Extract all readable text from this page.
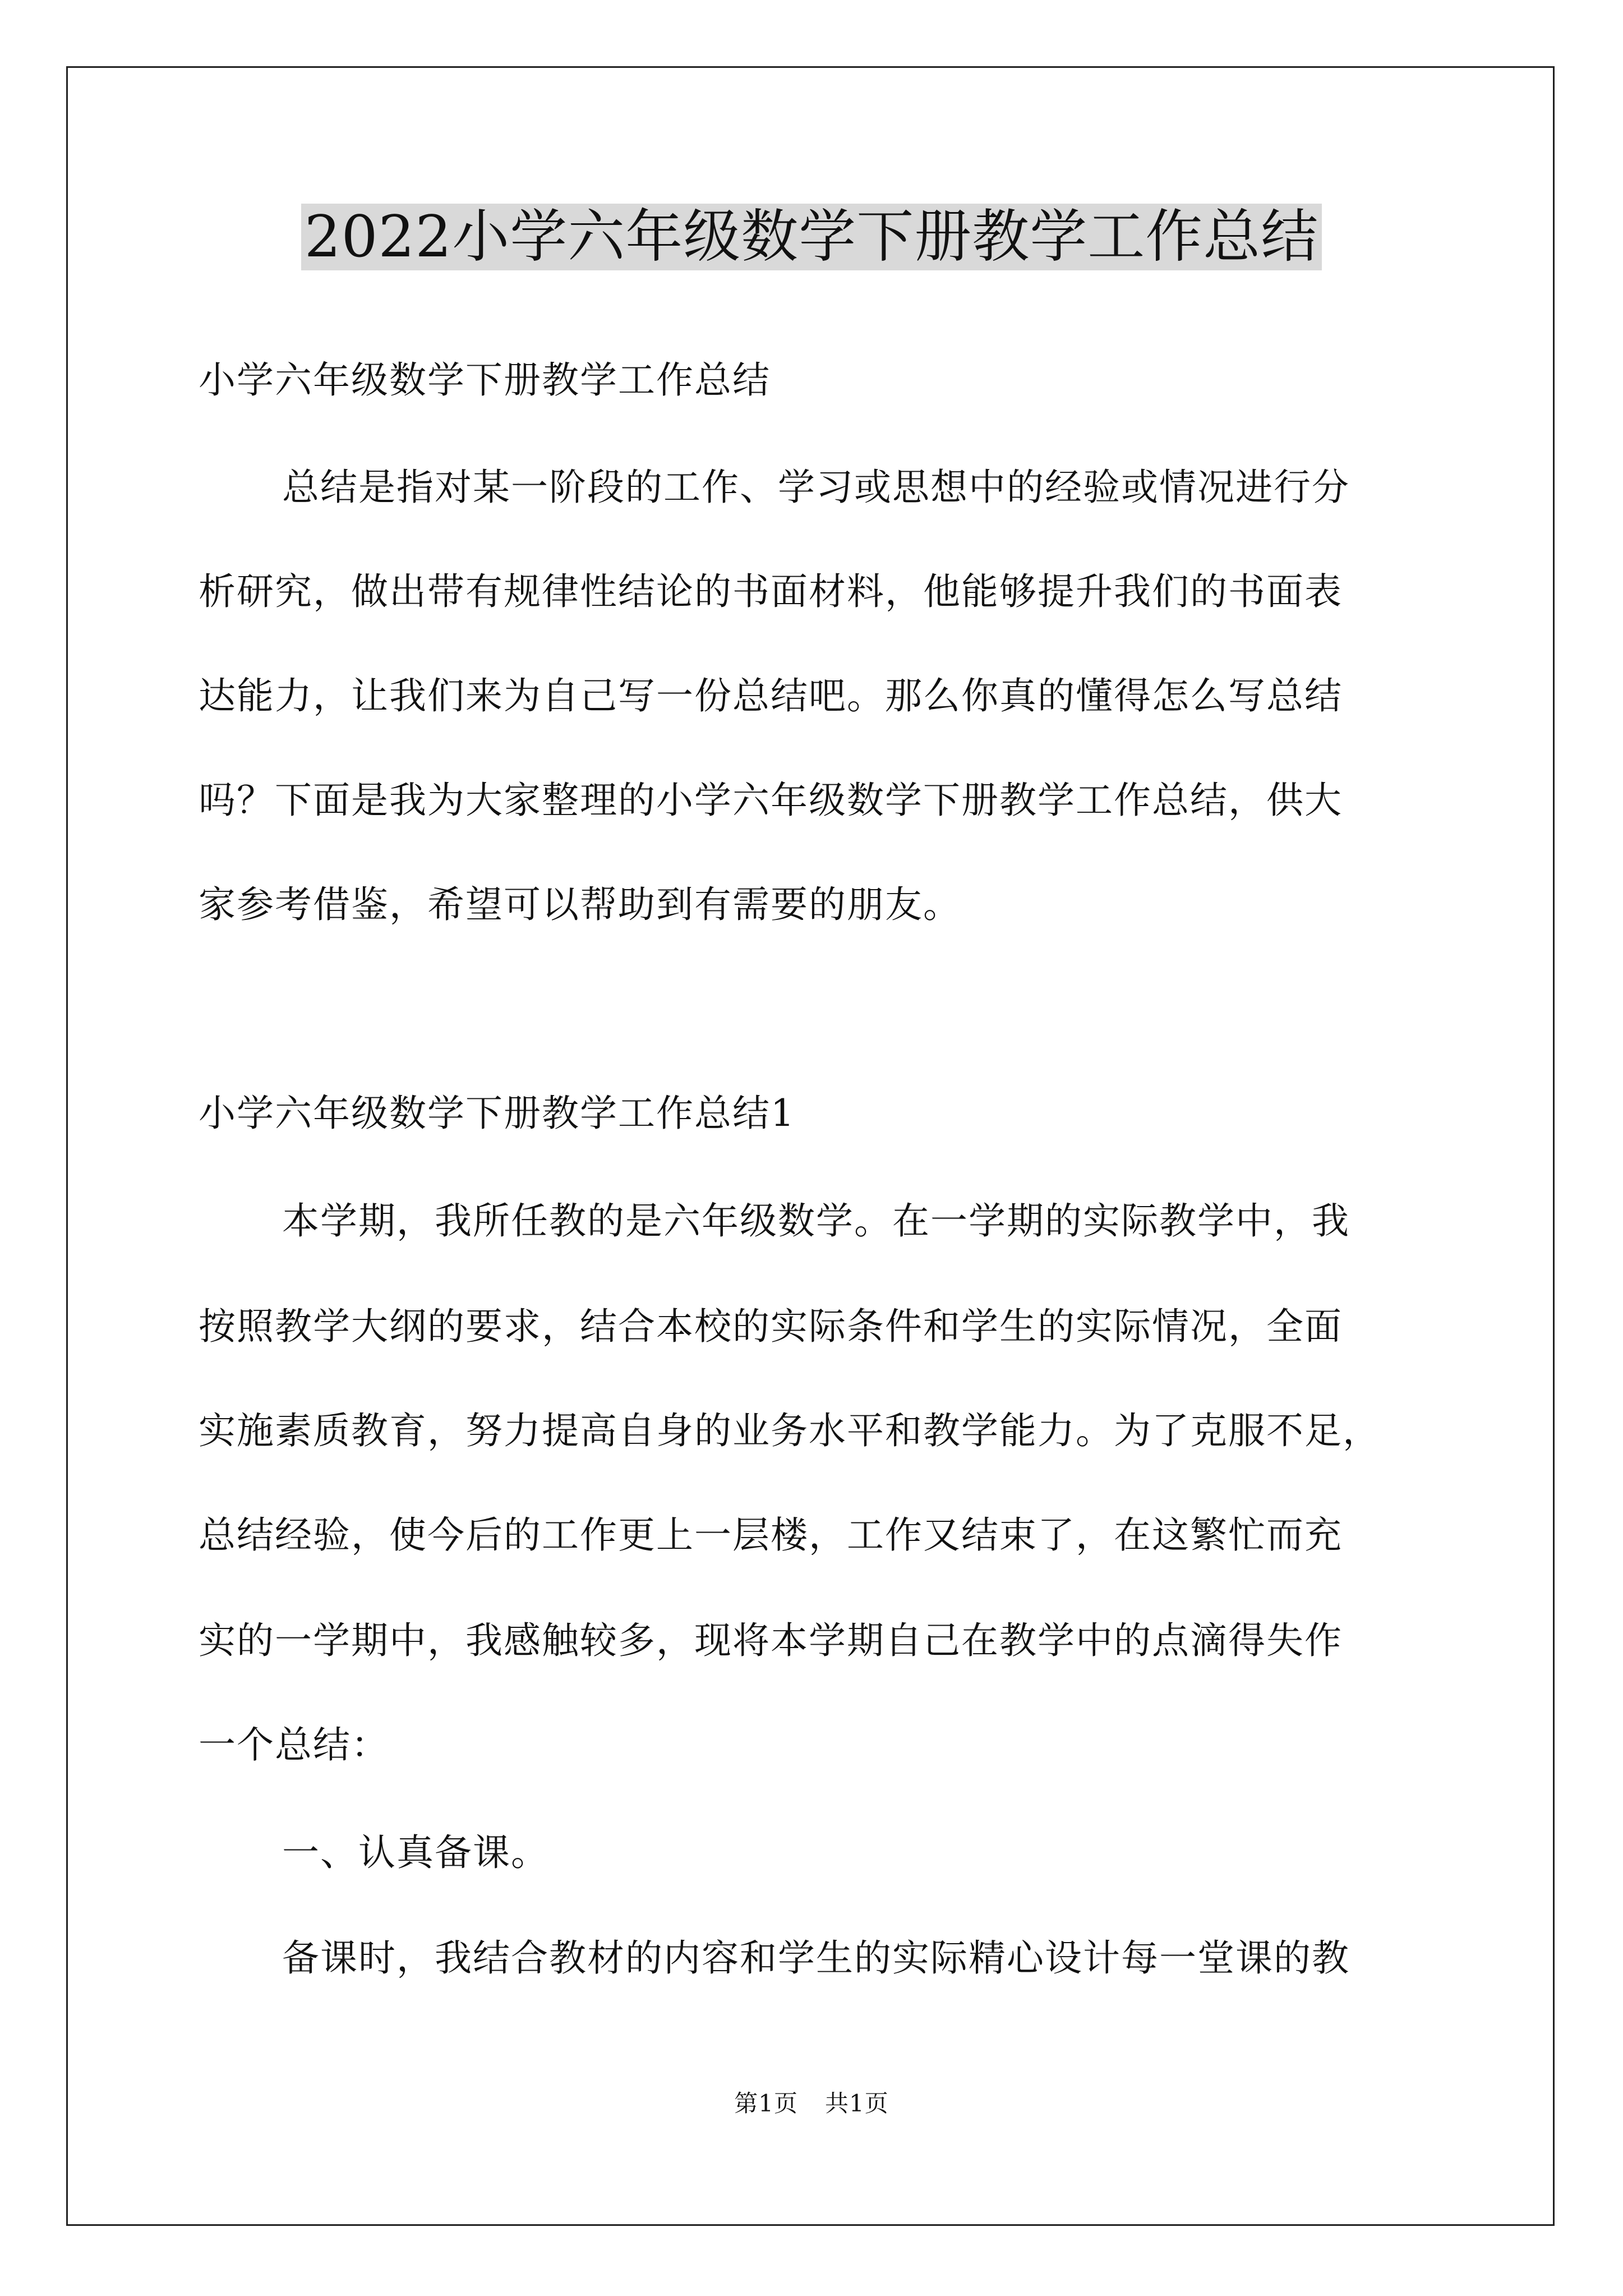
2022小学六年级数学下册教学工作总结
小学六年级数学下册教学工作总结
总结是指对某一阶段的工作、学习或思想中的经验或情况进行分
析研究，做出带有规律性结论的书面材料，他能够提升我们的书面表
达能力，让我们来为自己写一份总结吧。那么你真的懂得怎么写总结
吗？下面是我为大家整理的小学六年级数学下册教学工作总结，供大
家参考借鉴，希望可以帮助到有需要的朋友。
小学六年级数学下册教学工作总结1
本学期，我所任教的是六年级数学。在一学期的实际教学中，我
按照教学大纲的要求，结合本校的实际条件和学生的实际情况，全面
实施素质教育，努力提高自身的业务水平和教学能力。为了克服不足，
总结经验，使今后的工作更上一层楼，工作又结束了，在这繁忙而充
实的一学期中，我感触较多，现将本学期自己在教学中的点滴得失作
一个总结：
一、认真备课。
备课时，我结合教材的内容和学生的实际精心设计每一堂课的教
第1页 共1页
